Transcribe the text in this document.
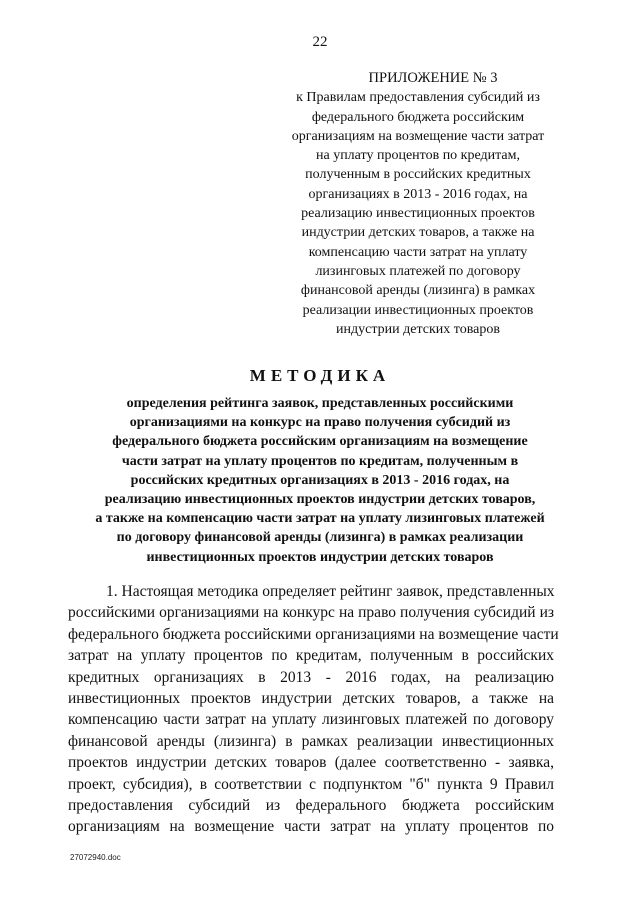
22
ПРИЛОЖЕНИЕ № 3
к Правилам предоставления субсидий из
федерального бюджета российским
организациям на возмещение части затрат
на уплату процентов по кредитам,
полученным в российских кредитных
организациях в 2013 - 2016 годах, на
реализацию инвестиционных проектов
индустрии детских товаров, а также на
компенсацию части затрат на уплату
лизинговых платежей по договору
финансовой аренды (лизинга) в рамках
реализации инвестиционных проектов
индустрии детских товаров
МЕТОДИКА
определения рейтинга заявок, представленных российскими
организациями на конкурс на право получения субсидий из
федерального бюджета российским организациям на возмещение
части затрат на уплату процентов по кредитам, полученным в
российских кредитных организациях в 2013 - 2016 годах, на
реализацию инвестиционных проектов индустрии детских товаров,
а также на компенсацию части затрат на уплату лизинговых платежей
по договору финансовой аренды (лизинга) в рамках реализации
инвестиционных проектов индустрии детских товаров
1. Настоящая методика определяет рейтинг заявок, представленных
российскими организациями на конкурс на право получения субсидий из
федерального бюджета российскими организациями на возмещение части
затрат на уплату процентов по кредитам, полученным в российских
кредитных организациях в 2013 - 2016 годах, на реализацию
инвестиционных проектов индустрии детских товаров, а также на
компенсацию части затрат на уплату лизинговых платежей по договору
финансовой аренды (лизинга) в рамках реализации инвестиционных
проектов индустрии детских товаров (далее соответственно - заявка,
проект, субсидия), в соответствии с подпунктом "б" пункта 9 Правил
предоставления субсидий из федерального бюджета российским
организациям на возмещение части затрат на уплату процентов по
27072940.doc
